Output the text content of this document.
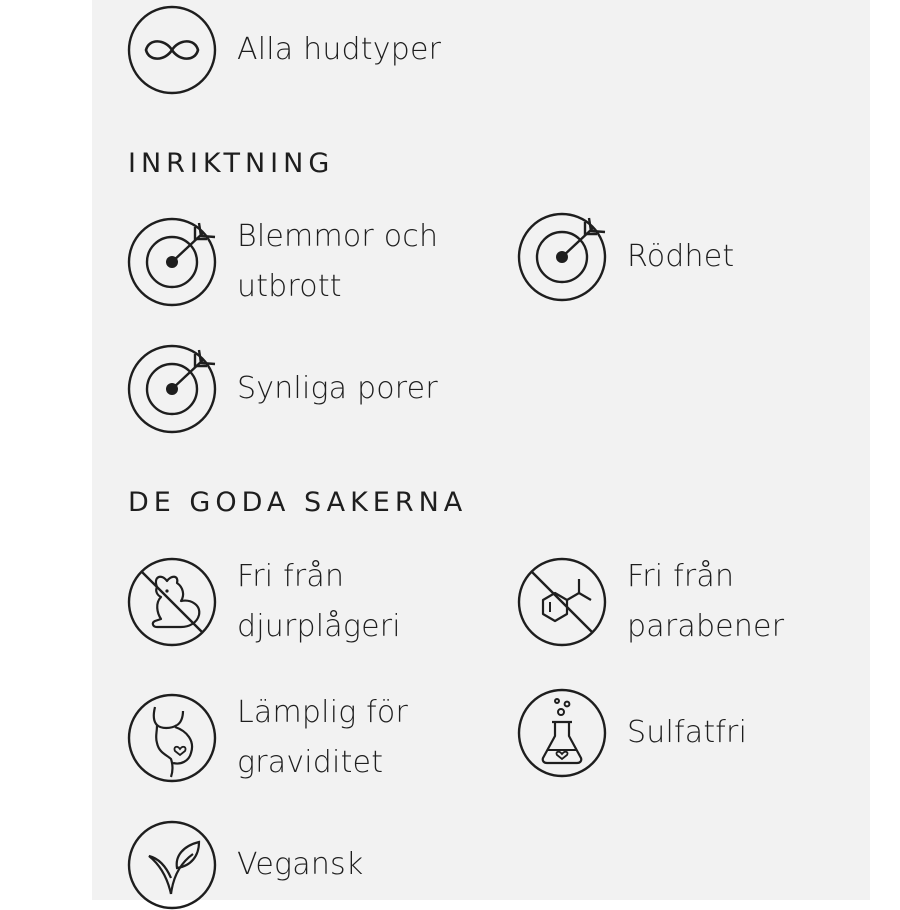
Alla hudtyper
INRIKTNING
Blemmor och
utbrott
Rödhet
Synliga porer
DE GODA SAKERNA
Fri från
djurplågeri
Fri från
parabener
Lämplig för
graviditet
Sulfatfri
Vegansk
